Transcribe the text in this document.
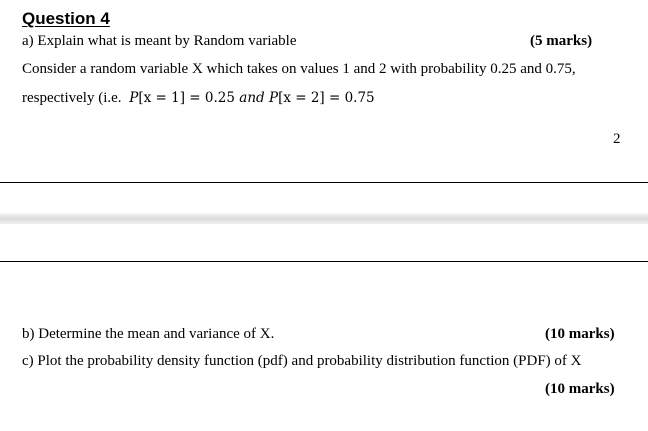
Question 4
a) Explain what is meant by Random variable	(5 marks)
Consider a random variable X which takes on values 1 and 2 with probability 0.25 and 0.75,
respectively (i.e. P[x = 1] = 0.25 and P[x = 2] = 0.75
2
b) Determine the mean and variance of X.	(10 marks)
c) Plot the probability density function (pdf) and probability distribution function (PDF) of X
(10 marks)
